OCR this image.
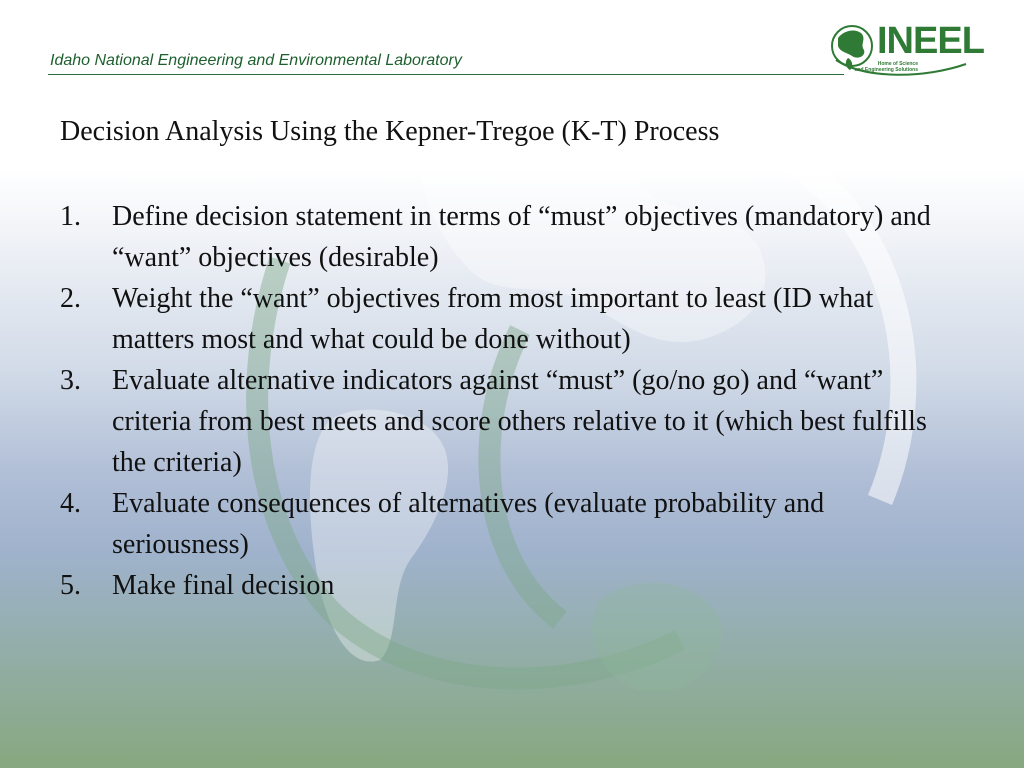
Idaho National Engineering and Environmental Laboratory	INEEL
Home of Science
and Engineering Solutions
Decision Analysis Using the Kepner-Tregoe (K-T) Process
1. Define decision statement in terms of “must” objectives (mandatory) and “want” objectives (desirable)
2. Weight the “want” objectives from most important to least (ID what matters most and what could be done without)
3. Evaluate alternative indicators against “must” (go/no go) and “want” criteria from best meets and score others relative to it (which best fulfills the criteria)
4. Evaluate consequences of alternatives (evaluate probability and seriousness)
5. Make final decision
